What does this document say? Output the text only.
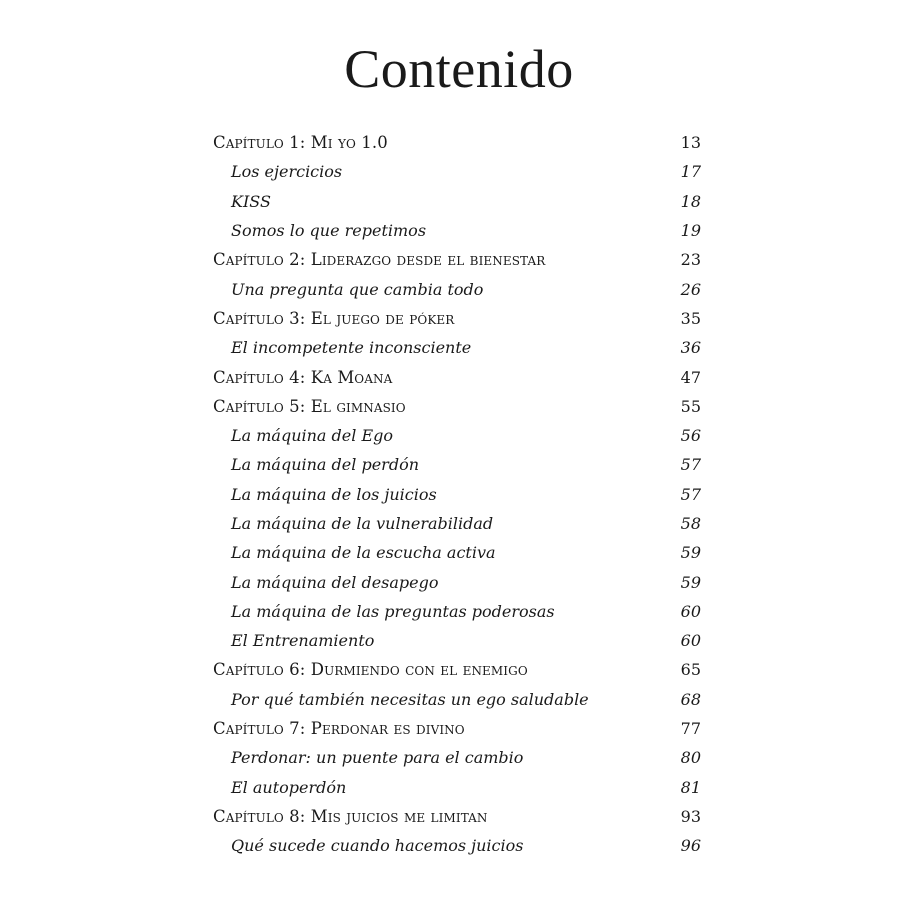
Contenido
Capítulo 1: Mi yo 1.0	13
Los ejercicios	17
KISS	18
Somos lo que repetimos	19
Capítulo 2: Liderazgo desde el bienestar	23
Una pregunta que cambia todo	26
Capítulo 3: El juego de póker	35
El incompetente inconsciente	36
Capítulo 4: Ka Moana	47
Capítulo 5: El gimnasio	55
La máquina del Ego	56
La máquina del perdón	57
La máquina de los juicios	57
La máquina de la vulnerabilidad	58
La máquina de la escucha activa	59
La máquina del desapego	59
La máquina de las preguntas poderosas	60
El Entrenamiento	60
Capítulo 6: Durmiendo con el enemigo	65
Por qué también necesitas un ego saludable	68
Capítulo 7: Perdonar es divino	77
Perdonar: un puente para el cambio	80
El autoperdón	81
Capítulo 8: Mis juicios me limitan	93
Qué sucede cuando hacemos juicios	96
